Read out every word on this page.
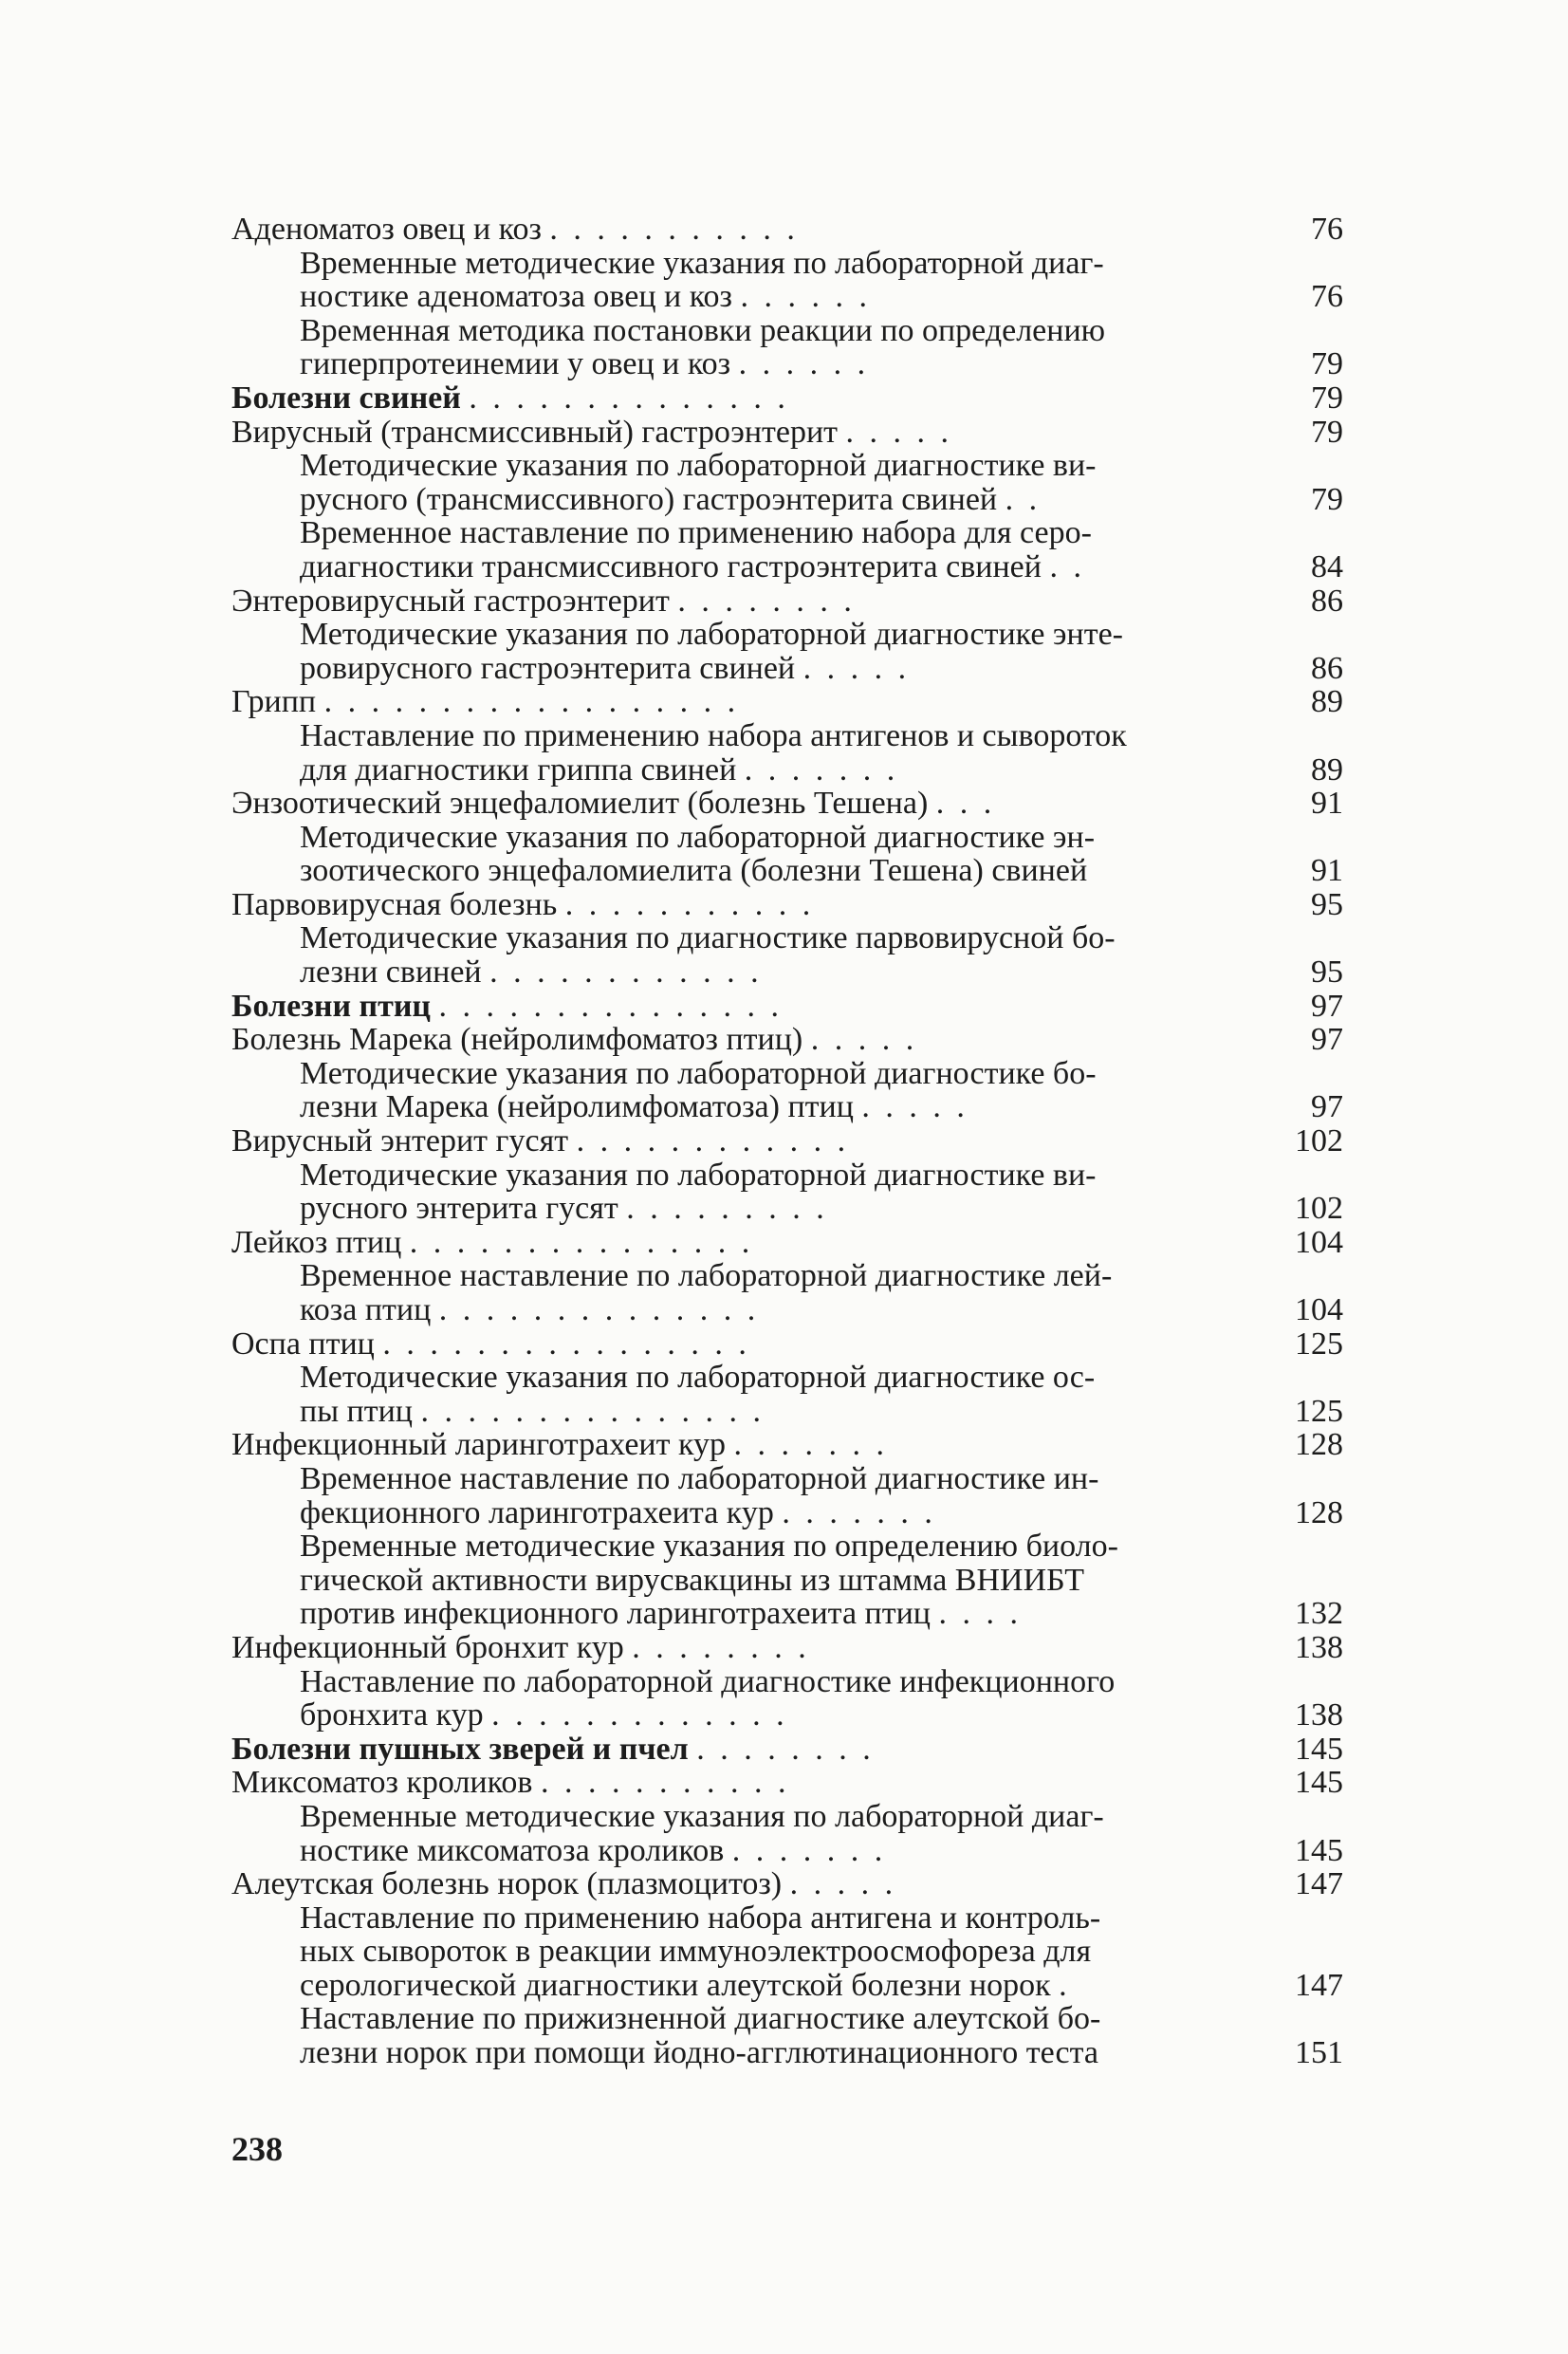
Аденоматоз овец и коз . . . . . . . . . . .	76
Временные методические указания по лабораторной диаг-
ностике аденоматоза овец и коз . . . . . .	76
Временная методика постановки реакции по определению
гиперпротеинемии у овец и коз . . . . . .	79
Болезни свиней . . . . . . . . . . . . . .	79
Вирусный (трансмиссивный) гастроэнтерит . . . . .	79
Методические указания по лабораторной диагностике ви-
русного (трансмиссивного) гастроэнтерита свиней . .	79
Временное наставление по применению набора для серо-
диагностики трансмиссивного гастроэнтерита свиней . .	84
Энтеровирусный гастроэнтерит . . . . . . . .	86
Методические указания по лабораторной диагностике энте-
ровирусного гастроэнтерита свиней . . . . .	86
Грипп . . . . . . . . . . . . . . . . . .	89
Наставление по применению набора антигенов и сывороток
для диагностики гриппа свиней . . . . . . .	89
Энзоотический энцефаломиелит (болезнь Тешена) . . .	91
Методические указания по лабораторной диагностике эн-
зоотического энцефаломиелита (болезни Тешена) свиней	91
Парвовирусная болезнь . . . . . . . . . . .	95
Методические указания по диагностике парвовирусной бо-
лезни свиней . . . . . . . . . . . .	95
Болезни птиц . . . . . . . . . . . . . . .	97
Болезнь Марека (нейролимфоматоз птиц) . . . . .	97
Методические указания по лабораторной диагностике бо-
лезни Марека (нейролимфоматоза) птиц . . . . .	97
Вирусный энтерит гусят . . . . . . . . . . . .	102
Методические указания по лабораторной диагностике ви-
русного энтерита гусят . . . . . . . . .	102
Лейкоз птиц . . . . . . . . . . . . . . .	104
Временное наставление по лабораторной диагностике лей-
коза птиц . . . . . . . . . . . . . .	104
Оспа птиц . . . . . . . . . . . . . . . .	125
Методические указания по лабораторной диагностике ос-
пы птиц . . . . . . . . . . . . . . .	125
Инфекционный ларинготрахеит кур . . . . . . .	128
Временное наставление по лабораторной диагностике ин-
фекционного ларинготрахеита кур . . . . . . .	128
Временные методические указания по определению биоло-
гической активности вирусвакцины из штамма ВНИИБТ
против инфекционного ларинготрахеита птиц . . . .	132
Инфекционный бронхит кур . . . . . . . .	138
Наставление по лабораторной диагностике инфекционного
бронхита кур . . . . . . . . . . . . .	138
Болезни пушных зверей и пчел . . . . . . . .	145
Миксоматоз кроликов . . . . . . . . . . .	145
Временные методические указания по лабораторной диаг-
ностике миксоматоза кроликов . . . . . . .	145
Алеутская болезнь норок (плазмоцитоз) . . . . .	147
Наставление по применению набора антигена и контроль-
ных сывороток в реакции иммуноэлектроосмофореза для
серологической диагностики алеутской болезни норок .	147
Наставление по прижизненной диагностике алеутской бо-
лезни норок при помощи йодно-агглютинационного теста	151
238
